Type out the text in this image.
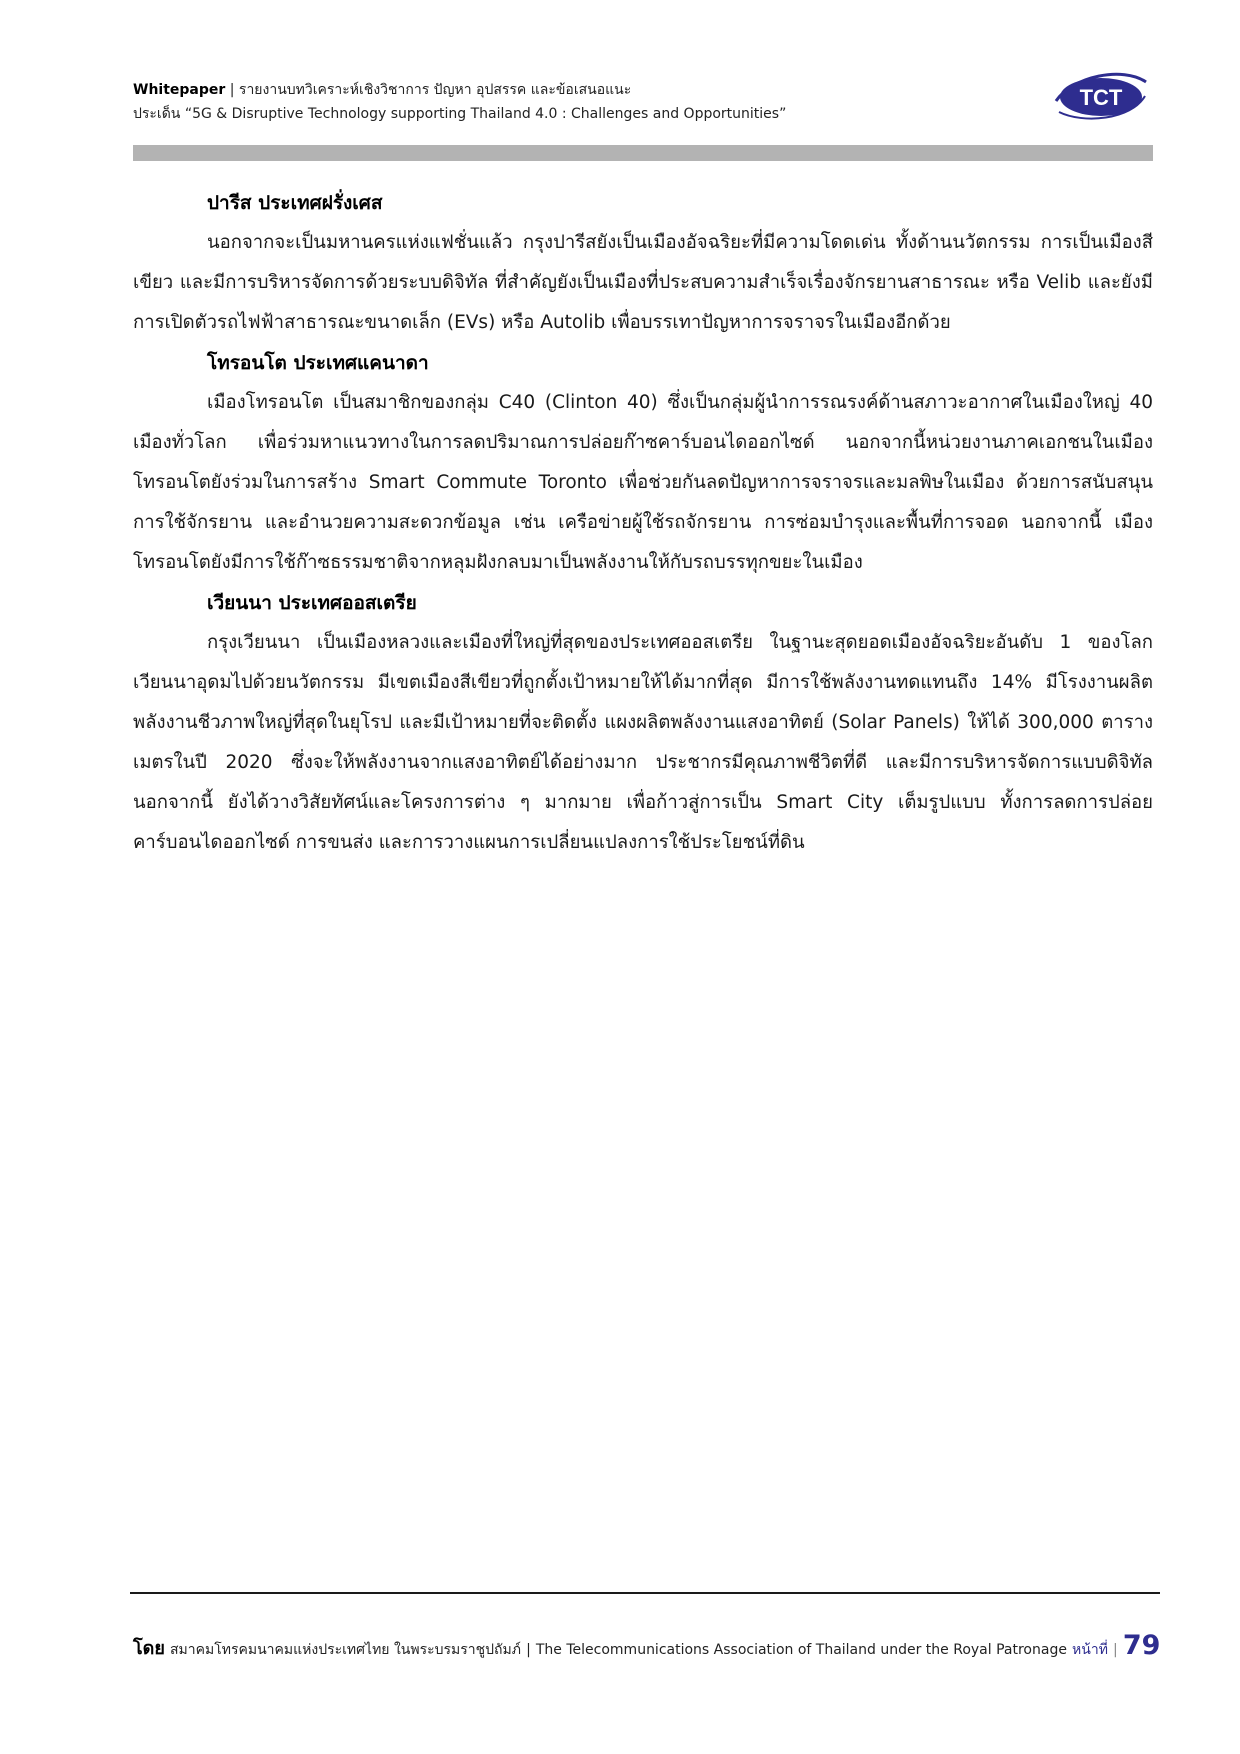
Whitepaper | รายงานบทวิเคราะห์เชิงวิชาการ ปัญหา อุปสรรค และข้อเสนอแนะ
ประเด็น “5G & Disruptive Technology supporting Thailand 4.0 : Challenges and Opportunities”
TCT

ปารีส ประเทศฝรั่งเศส

นอกจากจะเป็นมหานครแห่งแฟชั่นแล้ว กรุงปารีสยังเป็นเมืองอัจฉริยะที่มีความโดดเด่น ทั้งด้านนวัตกรรม การเป็นเมืองสีเขียว และมีการบริหารจัดการด้วยระบบดิจิทัล ที่สำคัญยังเป็นเมืองที่ประสบความสำเร็จเรื่องจักรยานสาธารณะ หรือ Velib และยังมีการเปิดตัวรถไฟฟ้าสาธารณะขนาดเล็ก (EVs) หรือ Autolib เพื่อบรรเทาปัญหาการจราจรในเมืองอีกด้วย

โทรอนโต ประเทศแคนาดา

เมืองโทรอนโต เป็นสมาชิกของกลุ่ม C40 (Clinton 40) ซึ่งเป็นกลุ่มผู้นำการรณรงค์ด้านสภาวะอากาศในเมืองใหญ่ 40 เมืองทั่วโลก เพื่อร่วมหาแนวทางในการลดปริมาณการปล่อยก๊าซคาร์บอนไดออกไซด์ นอกจากนี้หน่วยงานภาคเอกชนในเมืองโทรอนโตยังร่วมในการสร้าง Smart Commute Toronto เพื่อช่วยกันลดปัญหาการจราจรและมลพิษในเมือง ด้วยการสนับสนุนการใช้จักรยาน และอำนวยความสะดวกข้อมูล เช่น เครือข่ายผู้ใช้รถจักรยาน การซ่อมบำรุงและพื้นที่การจอด นอกจากนี้ เมืองโทรอนโตยังมีการใช้ก๊าซธรรมชาติจากหลุมฝังกลบมาเป็นพลังงานให้กับรถบรรทุกขยะในเมือง

เวียนนา ประเทศออสเตรีย

กรุงเวียนนา เป็นเมืองหลวงและเมืองที่ใหญ่ที่สุดของประเทศออสเตรีย ในฐานะสุดยอดเมืองอัจฉริยะอันดับ 1 ของโลก เวียนนาอุดมไปด้วยนวัตกรรม มีเขตเมืองสีเขียวที่ถูกตั้งเป้าหมายให้ได้มากที่สุด มีการใช้พลังงานทดแทนถึง 14% มีโรงงานผลิตพลังงานชีวภาพใหญ่ที่สุดในยุโรป และมีเป้าหมายที่จะติดตั้ง แผงผลิตพลังงานแสงอาทิตย์ (Solar Panels) ให้ได้ 300,000 ตารางเมตรในปี 2020 ซึ่งจะให้พลังงานจากแสงอาทิตย์ได้อย่างมาก ประชากรมีคุณภาพชีวิตที่ดี และมีการบริหารจัดการแบบดิจิทัล นอกจากนี้ ยังได้วางวิสัยทัศน์และโครงการต่าง ๆ มากมาย เพื่อก้าวสู่การเป็น Smart City เต็มรูปแบบ ทั้งการลดการปล่อยคาร์บอนไดออกไซด์ การขนส่ง และการวางแผนการเปลี่ยนแปลงการใช้ประโยชน์ที่ดิน

โดย สมาคมโทรคมนาคมแห่งประเทศไทย ในพระบรมราชูปถัมภ์ | The Telecommunications Association of Thailand under the Royal Patronage หน้าที่ | 79
